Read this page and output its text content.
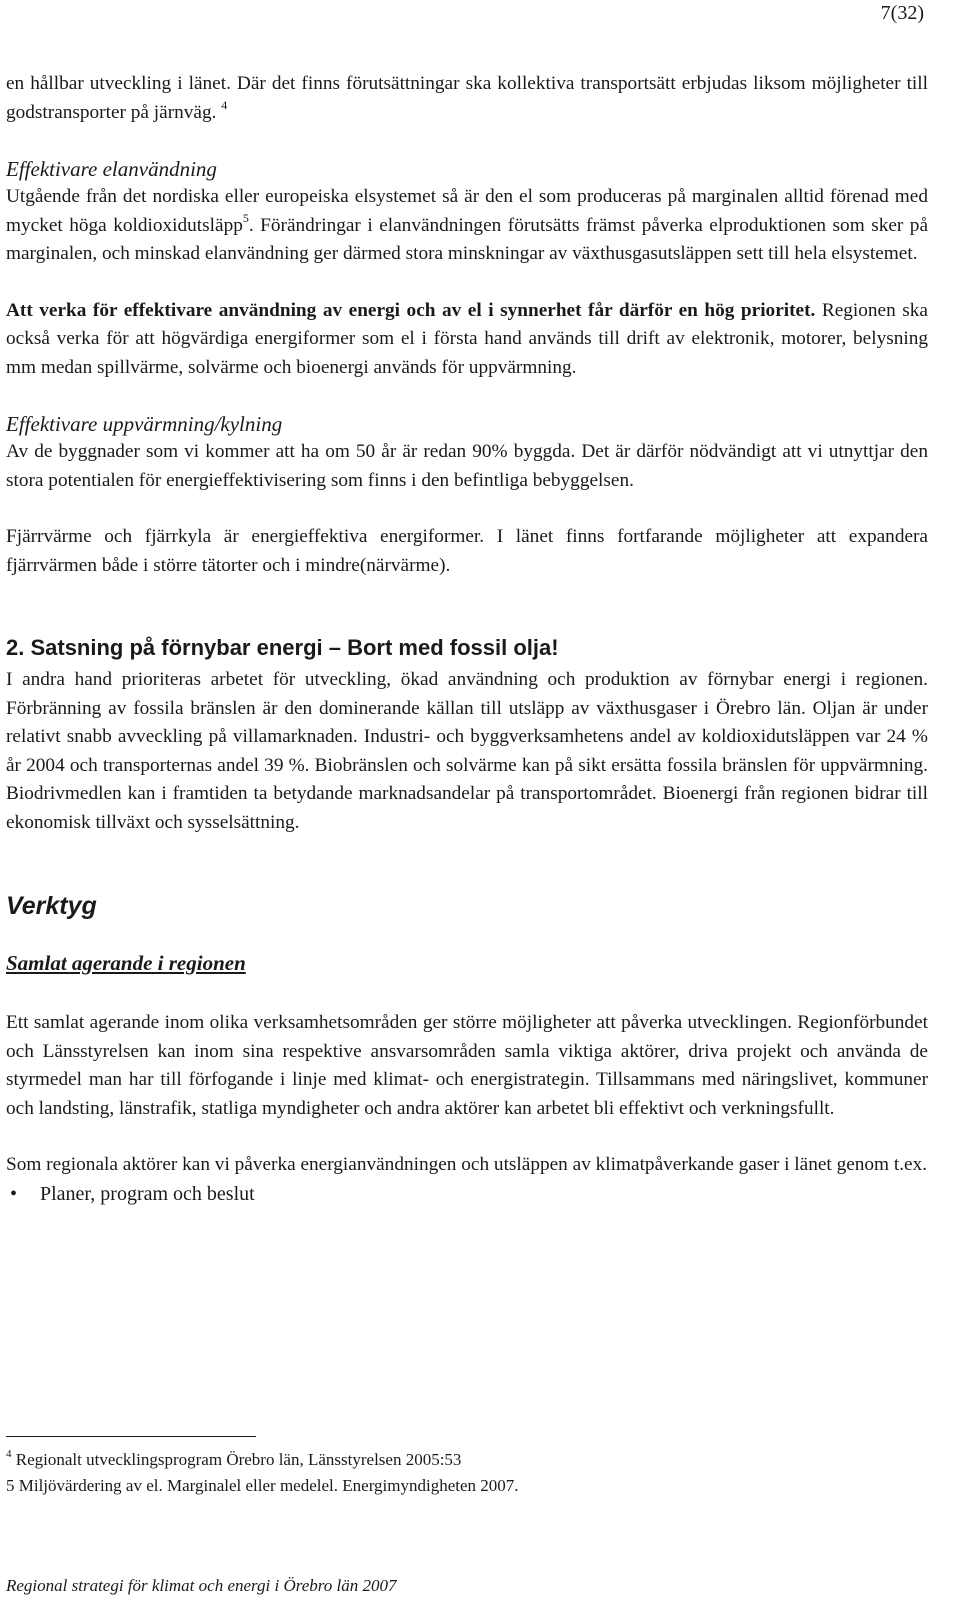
7(32)

en hållbar utveckling i länet. Där det finns förutsättningar ska kollektiva transportsätt erbjudas liksom möjligheter till godstransporter på järnväg. $^4$

Effektivare elanvändning

Utgående från det nordiska eller europeiska elsystemet så är den el som produceras på marginalen alltid förenad med mycket höga koldioxidutsläpp$^5$. Förändringar i elanvändningen förutsätts främst påverka elproduktionen som sker på marginalen, och minskad elanvändning ger därmed stora minskningar av växthusgasutsläppen sett till hela elsystemet.

Att verka för effektivare användning av energi och av el i synnerhet får därför en hög prioritet. Regionen ska också verka för att högvärdiga energiformer som el i första hand används till drift av elektronik, motorer, belysning mm medan spillvärme, solvärme och bioenergi används för uppvärmning.

Effektivare uppvärmning/kylning

Av de byggnader som vi kommer att ha om 50 år är redan 90% byggda. Det är därför nödvändigt att vi utnyttjar den stora potentialen för energieffektivisering som finns i den befintliga bebyggelsen.

Fjärrvärme och fjärrkyla är energieffektiva energiformer. I länet finns fortfarande möjligheter att expandera fjärrvärmen både i större tätorter och i mindre(närvärme).

2. Satsning på förnybar energi – Bort med fossil olja!

I andra hand prioriteras arbetet för utveckling, ökad användning och produktion av förnybar energi i regionen. Förbränning av fossila bränslen är den dominerande källan till utsläpp av växthusgaser i Örebro län. Oljan är under relativt snabb avveckling på villamarknaden. Industri- och byggverksamhetens andel av koldioxidutsläppen var 24 % år 2004 och transporternas andel 39 %. Biobränslen och solvärme kan på sikt ersätta fossila bränslen för uppvärmning. Biodrivmedlen kan i framtiden ta betydande marknadsandelar på transportområdet. Bioenergi från regionen bidrar till ekonomisk tillväxt och sysselsättning.

Verktyg
Samlat agerande i regionen

Ett samlat agerande inom olika verksamhetsområden ger större möjligheter att påverka utvecklingen. Regionförbundet och Länsstyrelsen kan inom sina respektive ansvarsområden samla viktiga aktörer, driva projekt och använda de styrmedel man har till förfogande i linje med klimat- och energistrategin. Tillsammans med näringslivet, kommuner och landsting, länstrafik, statliga myndigheter och andra aktörer kan arbetet bli effektivt och verkningsfullt.

Som regionala aktörer kan vi påverka energianvändningen och utsläppen av klimatpåverkande gaser i länet genom t.ex.

• Planer, program och beslut

$^4$ Regionalt utvecklingsprogram Örebro län, Länsstyrelsen 2005:53

5 Miljövärdering av el. Marginalel eller medelel. Energimyndigheten 2007.

Regional strategi för klimat och energi i Örebro län 2007
